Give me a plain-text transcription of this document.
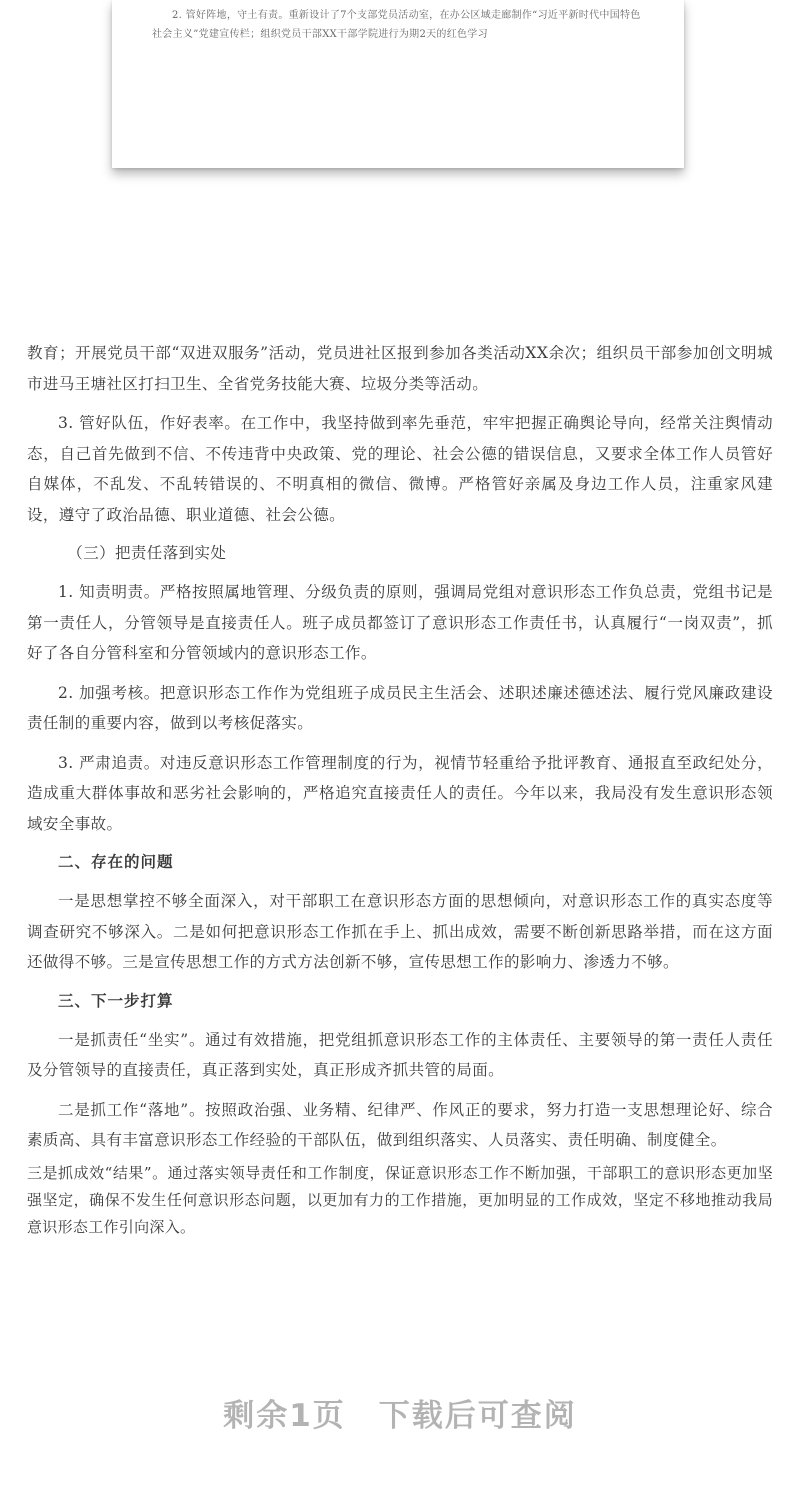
2. 管好阵地，守土有责。重新设计了7个支部党员活动室，在办公区域走廊制作“习近平新时代中国特色社会主义”党建宣传栏；组织党员干部XX干部学院进行为期2天的红色学习

教育；开展党员干部“双进双服务”活动，党员进社区报到参加各类活动XX余次；组织员干部参加创文明城市进马王塘社区打扫卫生、全省党务技能大赛、垃圾分类等活动。

3. 管好队伍，作好表率。在工作中，我坚持做到率先垂范，牢牢把握正确舆论导向，经常关注舆情动态，自己首先做到不信、不传违背中央政策、党的理论、社会公德的错误信息，又要求全体工作人员管好自媒体，不乱发、不乱转错误的、不明真相的微信、微博。严格管好亲属及身边工作人员，注重家风建设，遵守了政治品德、职业道德、社会公德。

（三）把责任落到实处

1. 知责明责。严格按照属地管理、分级负责的原则，强调局党组对意识形态工作负总责，党组书记是第一责任人，分管领导是直接责任人。班子成员都签订了意识形态工作责任书，认真履行“一岗双责”，抓好了各自分管科室和分管领域内的意识形态工作。

2. 加强考核。把意识形态工作作为党组班子成员民主生活会、述职述廉述德述法、履行党风廉政建设责任制的重要内容，做到以考核促落实。

3. 严肃追责。对违反意识形态工作管理制度的行为，视情节轻重给予批评教育、通报直至政纪处分，造成重大群体事故和恶劣社会影响的，严格追究直接责任人的责任。今年以来，我局没有发生意识形态领域安全事故。

二、存在的问题

一是思想掌控不够全面深入，对干部职工在意识形态方面的思想倾向，对意识形态工作的真实态度等调查研究不够深入。二是如何把意识形态工作抓在手上、抓出成效，需要不断创新思路举措，而在这方面还做得不够。三是宣传思想工作的方式方法创新不够，宣传思想工作的影响力、渗透力不够。

三、下一步打算

一是抓责任“坐实”。通过有效措施，把党组抓意识形态工作的主体责任、主要领导的第一责任人责任及分管领导的直接责任，真正落到实处，真正形成齐抓共管的局面。

二是抓工作“落地”。按照政治强、业务精、纪律严、作风正的要求，努力打造一支思想理论好、综合素质高、具有丰富意识形态工作经验的干部队伍，做到组织落实、人员落实、责任明确、制度健全。

三是抓成效“结果”。通过落实领导责任和工作制度，保证意识形态工作不断加强，干部职工的意识形态更加坚强坚定，确保不发生任何意识形态问题，以更加有力的工作措施，更加明显的工作成效，坚定不移地推动我局意识形态工作引向深入。

剩余1页　下载后可查阅
